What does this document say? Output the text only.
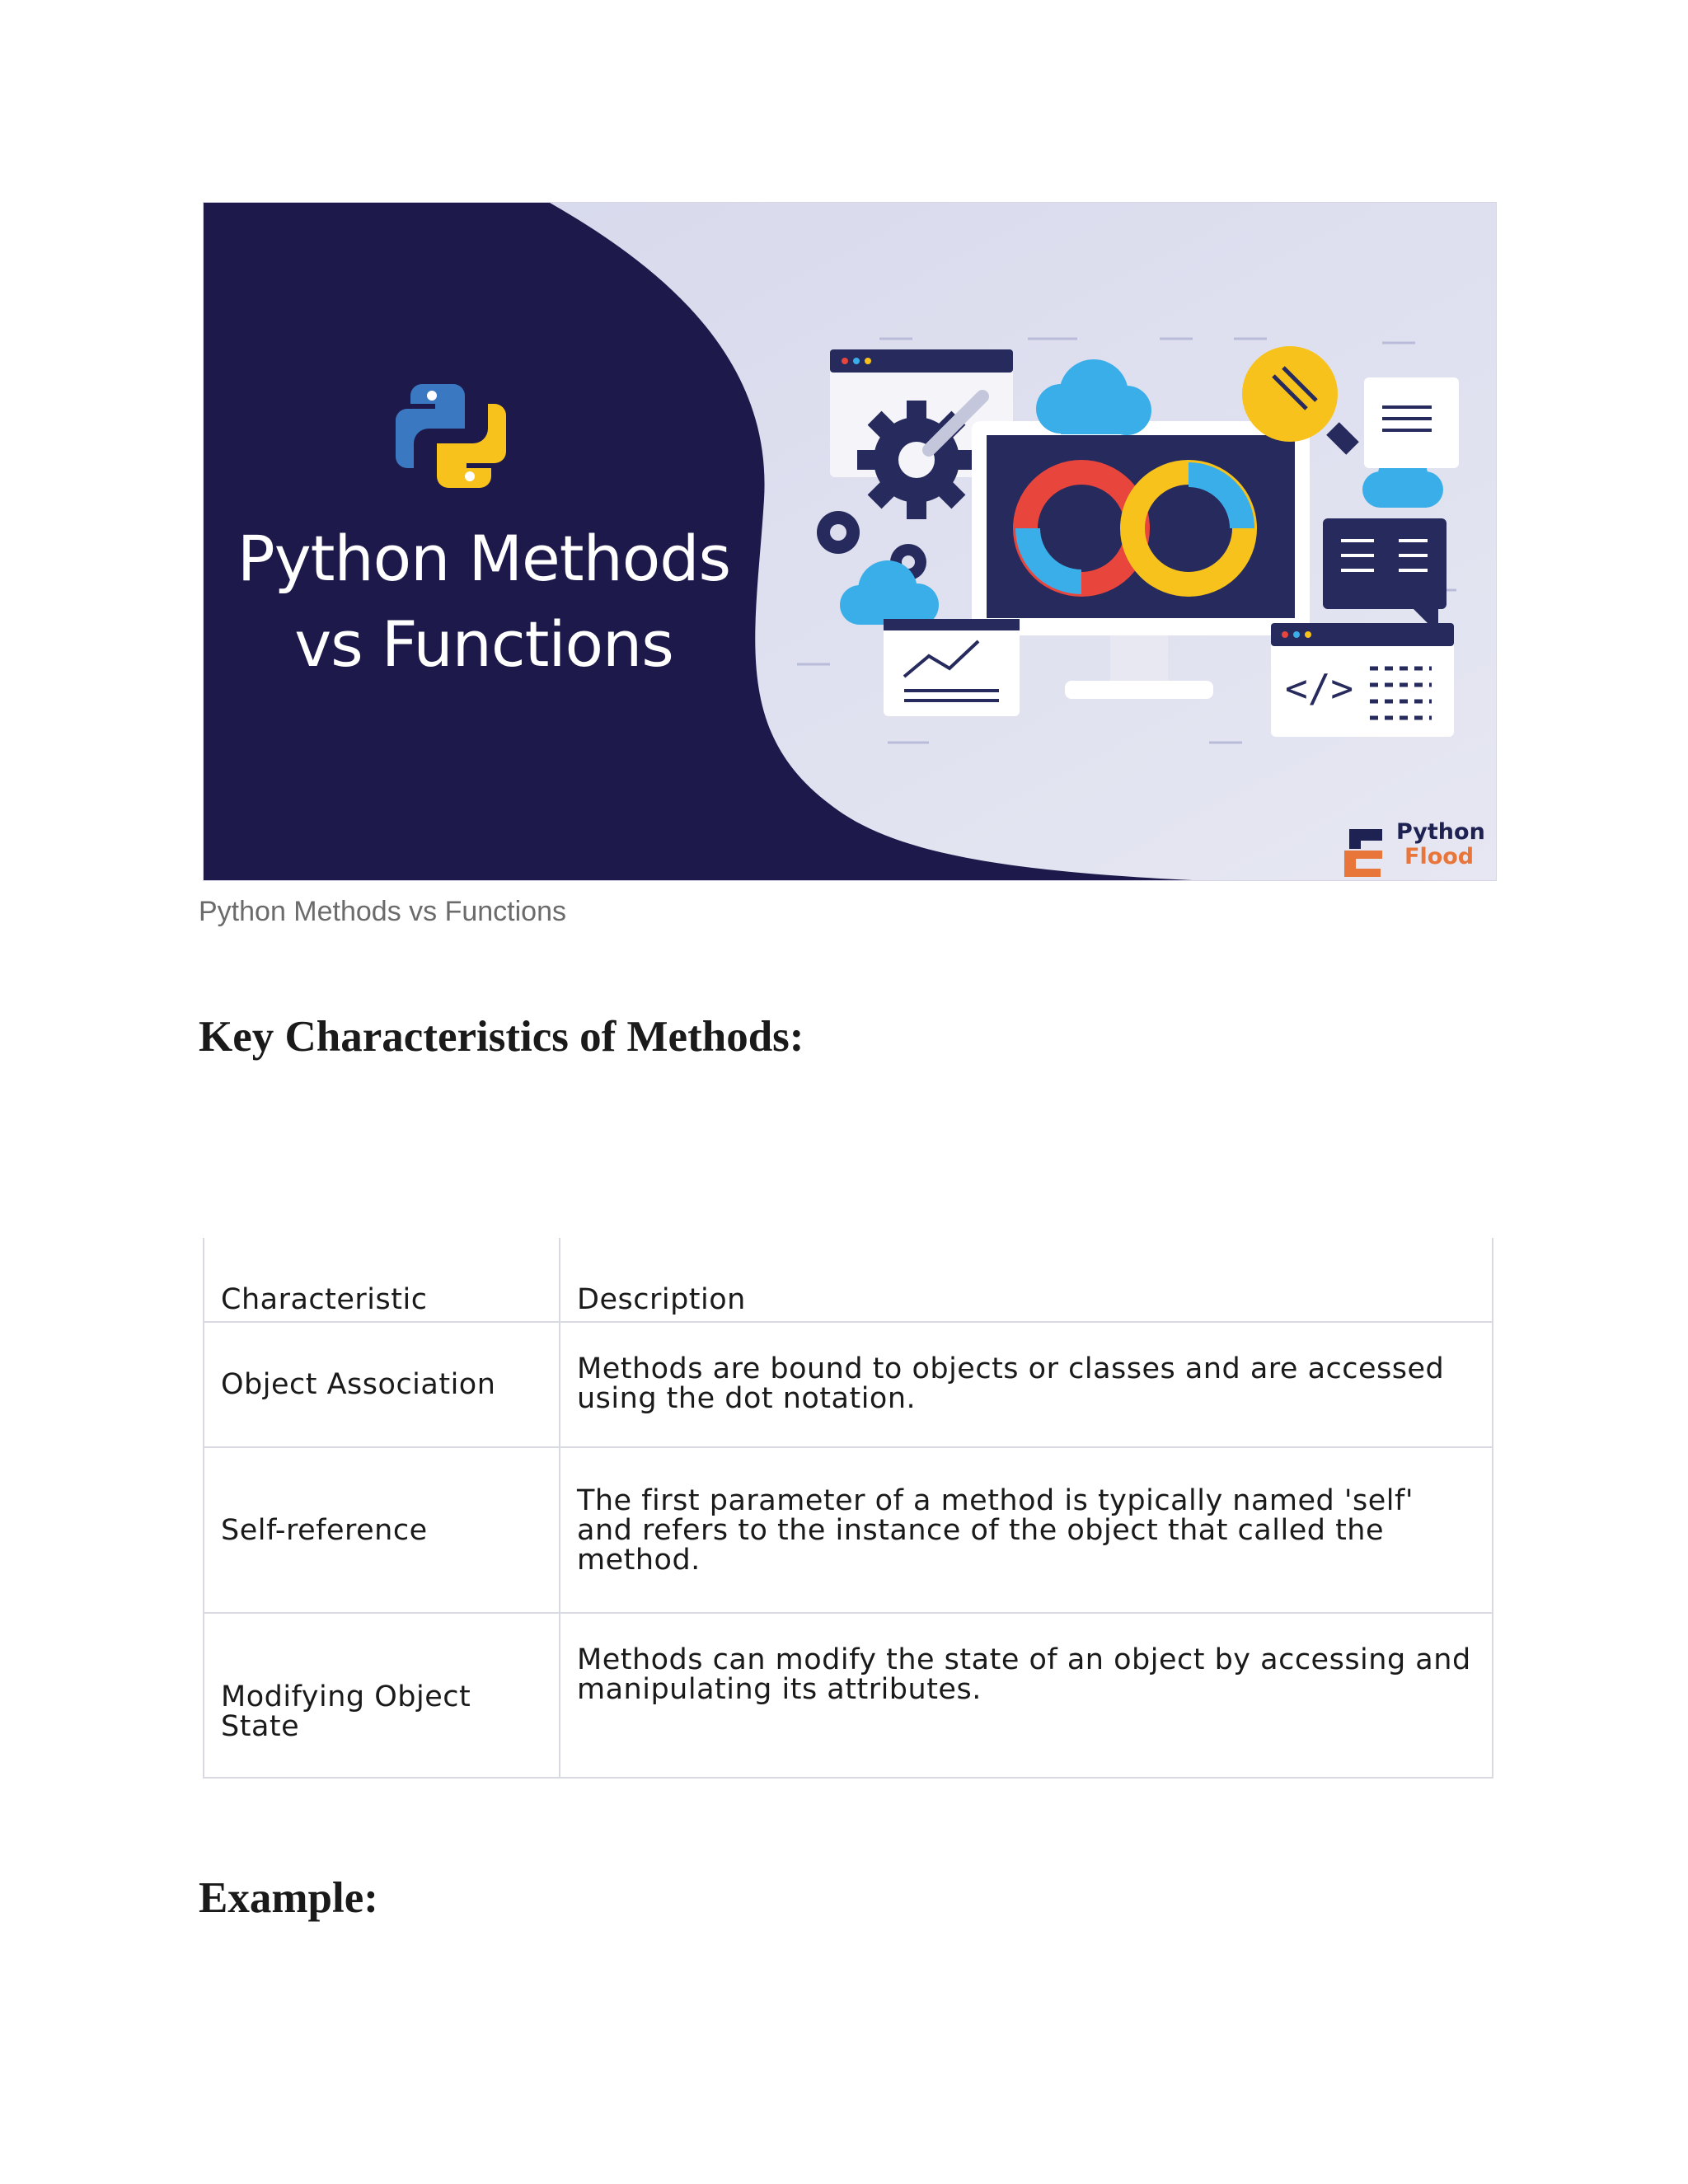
</>
Python Methods
vs Functions
Python
Flood
Python Methods vs Functions
Key Characteristics of Methods:
Characteristic	Description
Object Association	Methods are bound to objects or classes and are accessed using the dot notation.
Self-reference	The first parameter of a method is typically named 'self' and refers to the instance of the object that called the method.
Modifying Object State	Methods can modify the state of an object by accessing and manipulating its attributes.
Example:
